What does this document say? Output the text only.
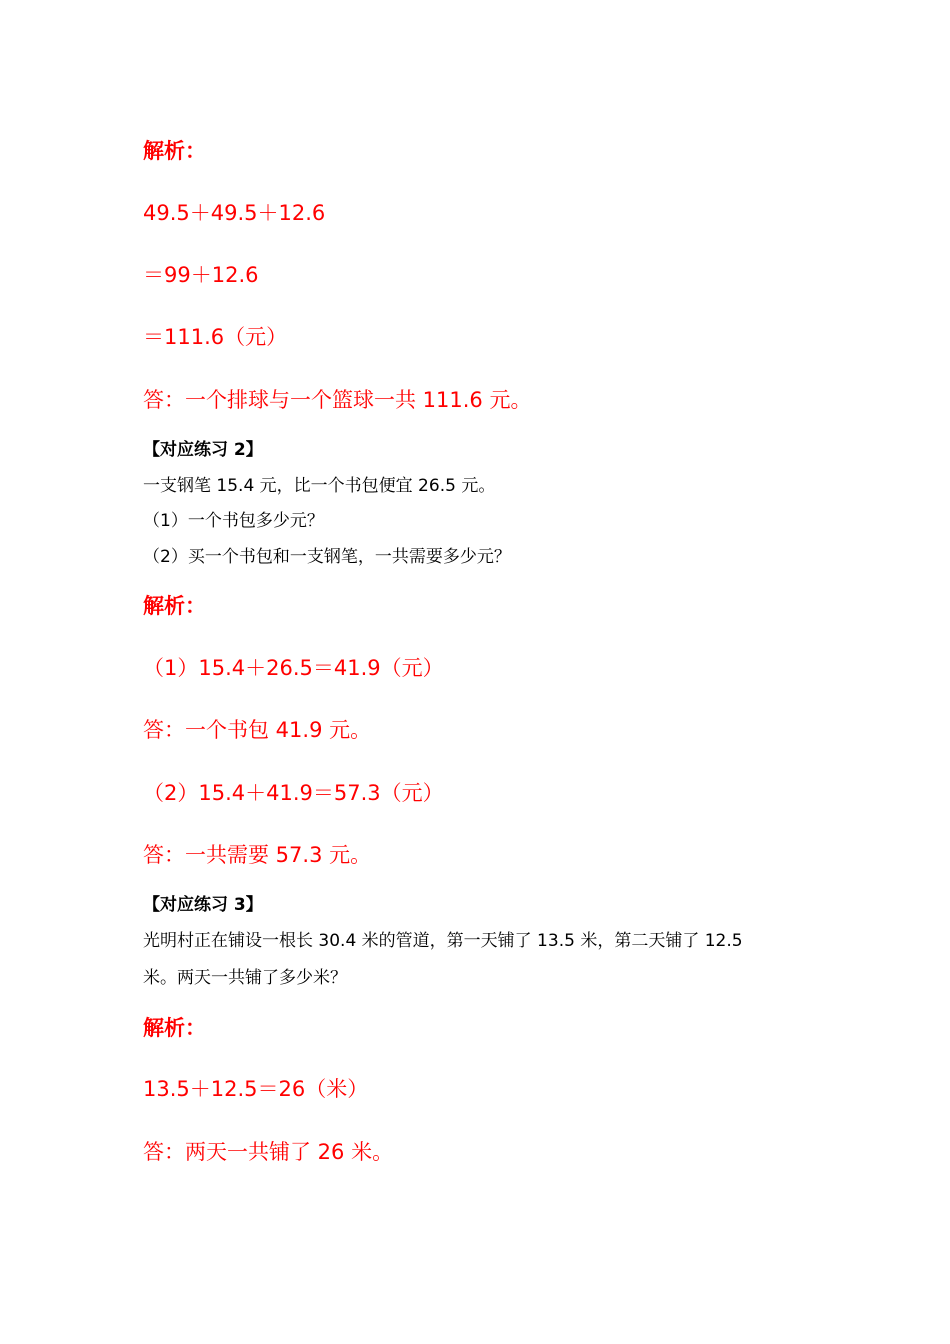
解析：
49.5＋49.5＋12.6
＝99＋12.6
＝111.6（元）
答：一个排球与一个篮球一共 111.6 元。
【对应练习 2】
一支钢笔 15.4 元，比一个书包便宜 26.5 元。
（1）一个书包多少元？
（2）买一个书包和一支钢笔，一共需要多少元？
解析：
（1）15.4＋26.5＝41.9（元）
答：一个书包 41.9 元。
（2）15.4＋41.9＝57.3（元）
答：一共需要 57.3 元。
【对应练习 3】
光明村正在铺设一根长 30.4 米的管道，第一天铺了 13.5 米，第二天铺了 12.5
米。两天一共铺了多少米？
解析：
13.5＋12.5＝26（米）
答：两天一共铺了 26 米。
